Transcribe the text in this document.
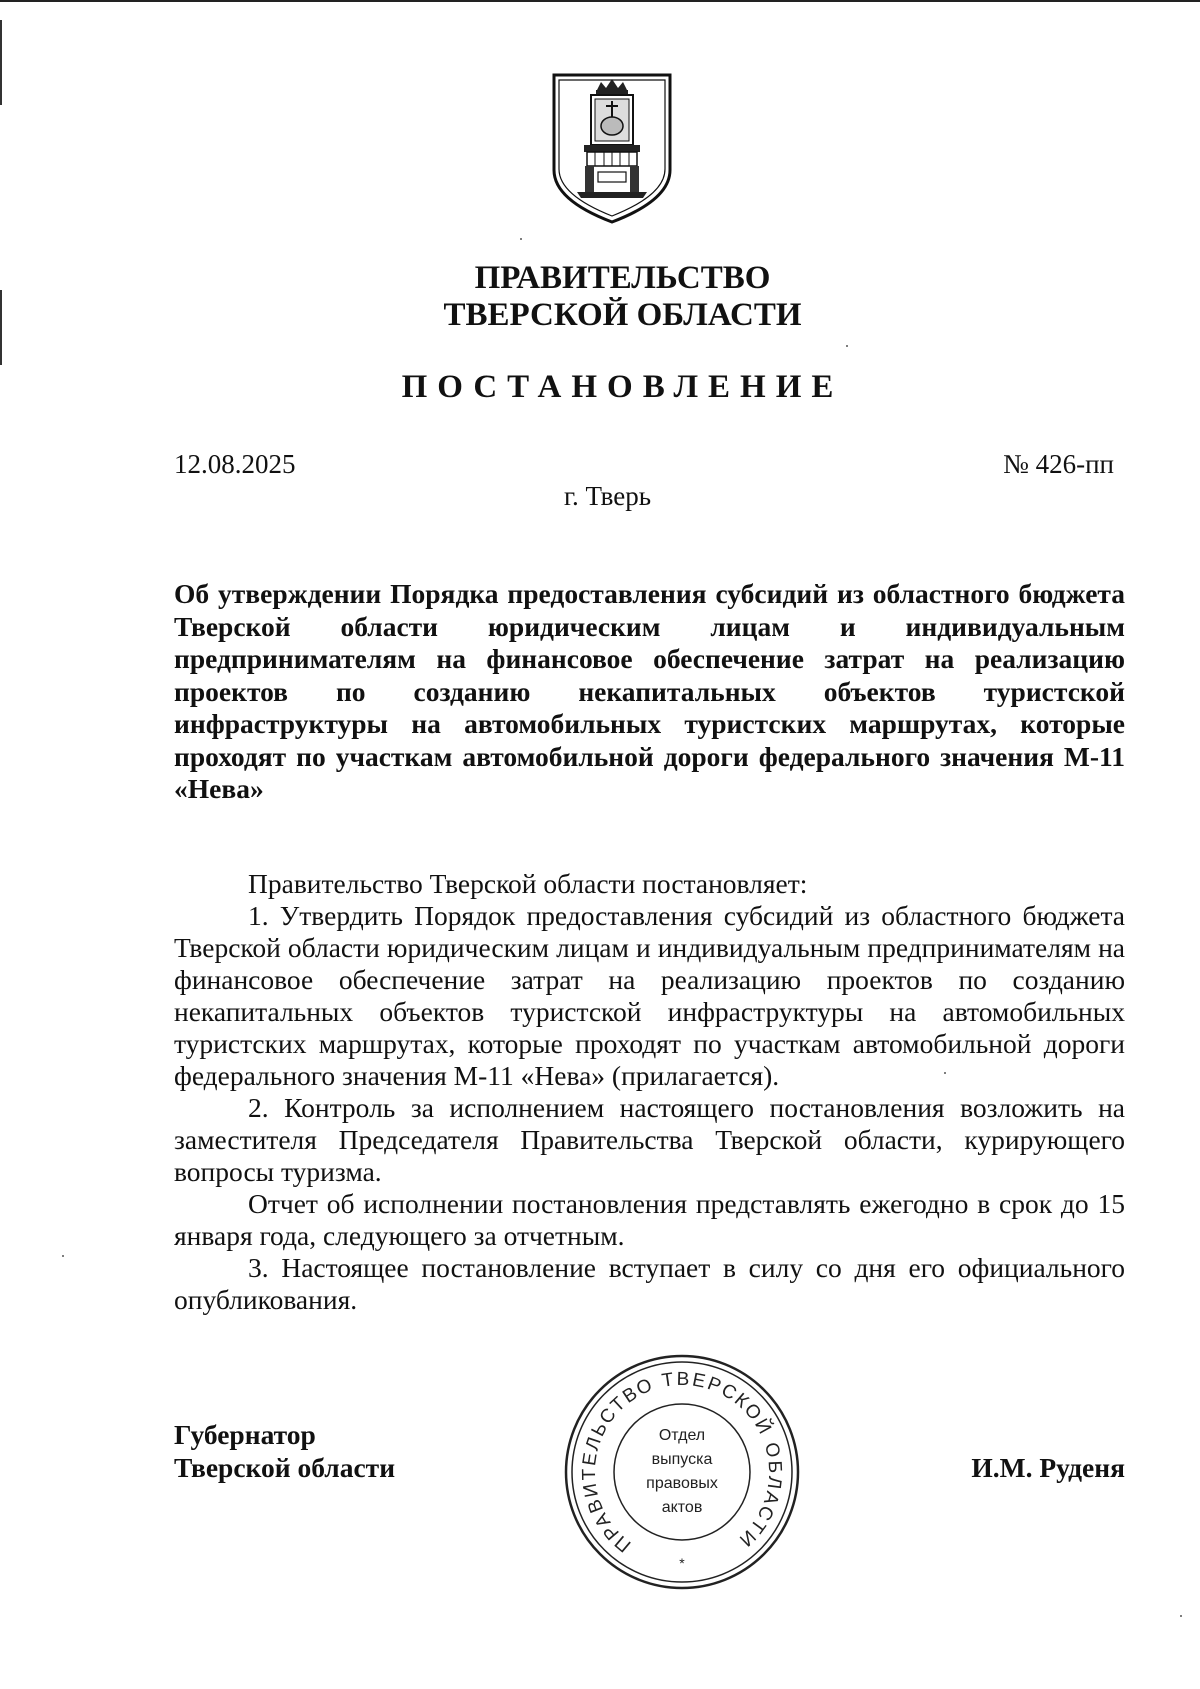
ПРАВИТЕЛЬСТВО
ТВЕРСКОЙ ОБЛАСТИ
ПОСТАНОВЛЕНИЕ
12.08.2025	№ 426-пп
г. Тверь
Об утверждении Порядка предоставления субсидий из областного бюджета Тверской области юридическим лицам и индивидуальным предпринимателям на финансовое обеспечение затрат на реализацию проектов по созданию некапитальных объектов туристской инфраструктуры на автомобильных туристских маршрутах, которые проходят по участкам автомобильной дороги федерального значения М-11 «Нева»

Правительство Тверской области постановляет:

1. Утвердить Порядок предоставления субсидий из областного бюджета Тверской области юридическим лицам и индивидуальным предпринимателям на финансовое обеспечение затрат на реализацию проектов по созданию некапитальных объектов туристской инфраструктуры на автомобильных туристских маршрутах, которые проходят по участкам автомобильной дороги федерального значения М-11 «Нева» (прилагается).

2. Контроль за исполнением настоящего постановления возложить на заместителя Председателя Правительства Тверской области, курирующего вопросы туризма.

Отчет об исполнении постановления представлять ежегодно в срок до 15 января года, следующего за отчетным.

3. Настоящее постановление вступает в силу со дня его официального опубликования.

Губернатор
Тверской области	И.М. Руденя
ПРАВИТЕЛЬСТВО ТВЕРСКОЙ ОБЛАСТИ
Отдел
выпуска
правовых
актов
*
